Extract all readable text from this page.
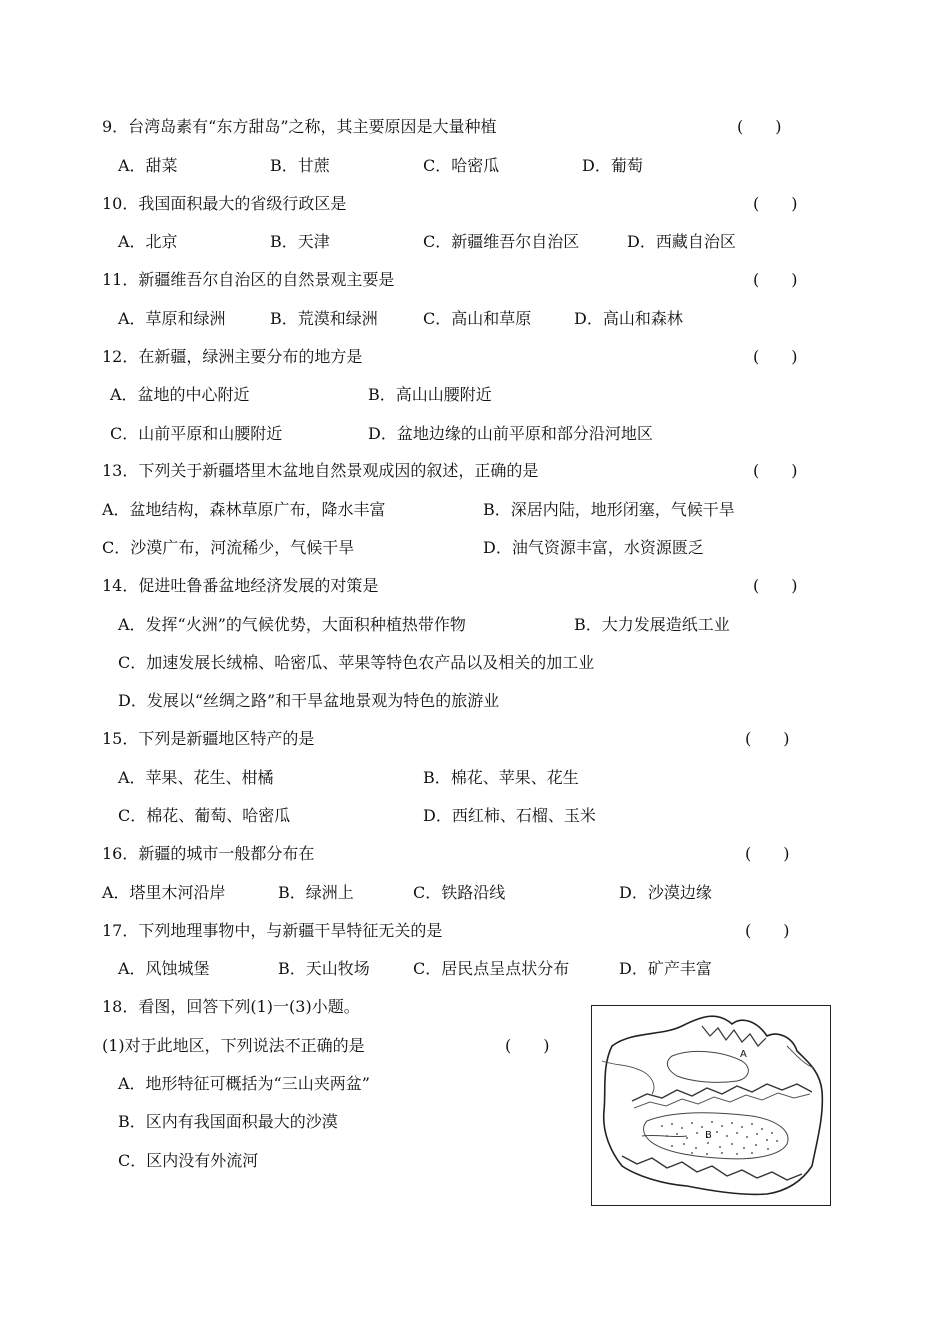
9．台湾岛素有“东方甜岛”之称，其主要原因是大量种植	(　　)
A．甜菜	B．甘蔗	C．哈密瓜	D．葡萄
10．我国面积最大的省级行政区是	(　　)
A．北京	B．天津	C．新疆维吾尔自治区	D．西藏自治区
11．新疆维吾尔自治区的自然景观主要是	(　　)
A．草原和绿洲	B．荒漠和绿洲	C．高山和草原	D．高山和森林
12．在新疆，绿洲主要分布的地方是	(　　)
A．盆地的中心附近	B．高山山腰附近
C．山前平原和山腰附近	D．盆地边缘的山前平原和部分沿河地区
13．下列关于新疆塔里木盆地自然景观成因的叙述，正确的是	(　　)
A．盆地结构，森林草原广布，降水丰富	B．深居内陆，地形闭塞，气候干旱
C．沙漠广布，河流稀少，气候干旱	D．油气资源丰富，水资源匮乏
14．促进吐鲁番盆地经济发展的对策是	(　　)
A．发挥“火洲”的气候优势，大面积种植热带作物	B．大力发展造纸工业
C．加速发展长绒棉、哈密瓜、苹果等特色农产品以及相关的加工业
D．发展以“丝绸之路”和干旱盆地景观为特色的旅游业
15．下列是新疆地区特产的是	(　　)
A．苹果、花生、柑橘	B．棉花、苹果、花生
C．棉花、葡萄、哈密瓜	D．西红柿、石榴、玉米
16．新疆的城市一般都分布在	(　　)
A．塔里木河沿岸	B．绿洲上	C．铁路沿线	D．沙漠边缘
17．下列地理事物中，与新疆干旱特征无关的是	(　　)
A．风蚀城堡	B．天山牧场	C．居民点呈点状分布	D．矿产丰富
18．看图，回答下列(1)一(3)小题。
(1)对于此地区，下列说法不正确的是	(　　)
A．地形特征可概括为“三山夹两盆”
B．区内有我国面积最大的沙漠
C．区内没有外流河
A
B
